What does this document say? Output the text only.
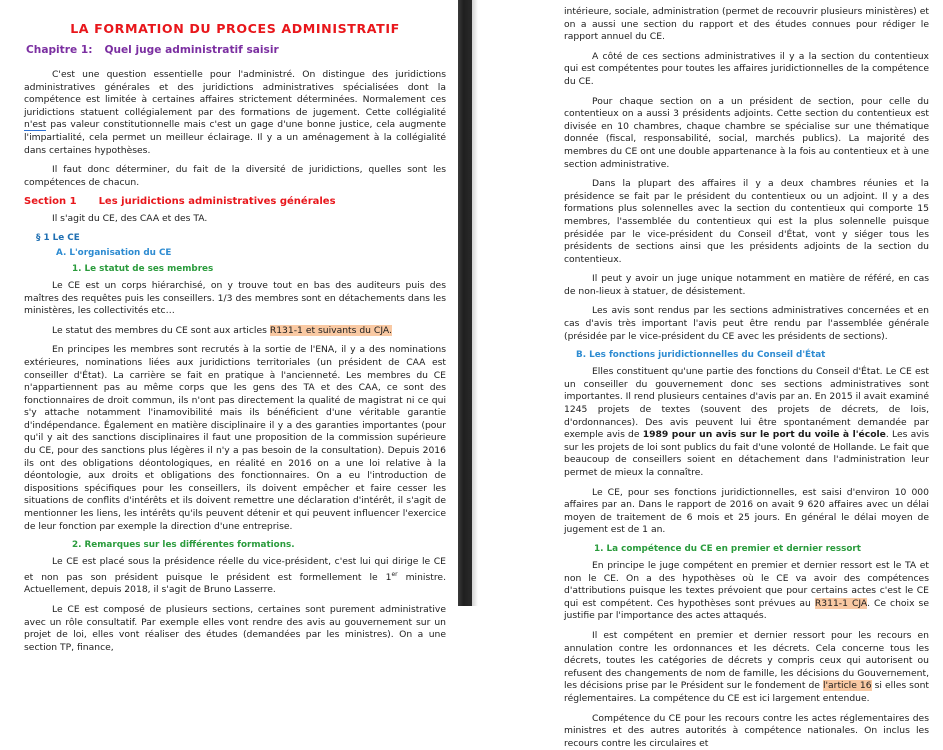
LA FORMATION DU PROCES ADMINISTRATIF
Chapitre 1: Quel juge administratif saisir

C'est une question essentielle pour l'administré. On distingue des juridictions administratives générales et des juridictions administratives spécialisées dont la compétence est limitée à certaines affaires strictement déterminées. Normalement ces juridictions statuent collégialement par des formations de jugement. Cette collégialité n'est pas valeur constitutionnelle mais c'est un gage d'une bonne justice, cela augmente l'impartialité, cela permet un meilleur éclairage. Il y a un aménagement à la collégialité dans certaines hypothèses.

Il faut donc déterminer, du fait de la diversité de juridictions, quelles sont les compétences de chacun.

Section 1 Les juridictions administratives générales

Il s'agit du CE, des CAA et des TA.

§ 1 Le CE
A. L'organisation du CE
1. Le statut de ses membres

Le CE est un corps hiérarchisé, on y trouve tout en bas des auditeurs puis des maîtres des requêtes puis les conseillers. 1/3 des membres sont en détachements dans les ministères, les collectivités etc…

Le statut des membres du CE sont aux articles R131-1 et suivants du CJA.

En principes les membres sont recrutés à la sortie de l'ENA, il y a des nominations extérieures, nominations liées aux juridictions territoriales (un président de CAA est conseiller d'État). La carrière se fait en pratique à l'ancienneté. Les membres du CE n'appartiennent pas au même corps que les gens des TA et des CAA, ce sont des fonctionnaires de droit commun, ils n'ont pas directement la qualité de magistrat ni ce qui s'y attache notamment l'inamovibilité mais ils bénéficient d'une véritable garantie d'indépendance. Également en matière disciplinaire il y a des garanties importantes (pour qu'il y ait des sanctions disciplinaires il faut une proposition de la commission supérieure du CE, pour des sanctions plus légères il n'y a pas besoin de la consultation). Depuis 2016 ils ont des obligations déontologiques, en réalité en 2016 on a une loi relative à la déontologie, aux droits et obligations des fonctionnaires. On a eu l'introduction de dispositions spécifiques pour les conseillers, ils doivent empêcher et faire cesser les situations de conflits d'intérêts et ils doivent remettre une déclaration d'intérêt, il s'agit de mentionner les liens, les intérêts qu'ils peuvent détenir et qui peuvent influencer l'exercice de leur fonction par exemple la direction d'une entreprise.

2. Remarques sur les différentes formations.

Le CE est placé sous la présidence réelle du vice-président, c'est lui qui dirige le CE et non pas son président puisque le président est formellement le 1er ministre. Actuellement, depuis 2018, il s'agit de Bruno Lasserre.

Le CE est composé de plusieurs sections, certaines sont purement administrative avec un rôle consultatif. Par exemple elles vont rendre des avis au gouvernement sur un projet de loi, elles vont réaliser des études (demandées par les ministres). On a une section TP, finance,

intérieure, sociale, administration (permet de recouvrir plusieurs ministères) et on a aussi une section du rapport et des études connues pour rédiger le rapport annuel du CE.

A côté de ces sections administratives il y a la section du contentieux qui est compétentes pour toutes les affaires juridictionnelles de la compétence du CE.

Pour chaque section on a un président de section, pour celle du contentieux on a aussi 3 présidents adjoints. Cette section du contentieux est divisée en 10 chambres, chaque chambre se spécialise sur une thématique donnée (fiscal, responsabilité, social, marchés publics). La majorité des membres du CE ont une double appartenance à la fois au contentieux et à une section administrative.

Dans la plupart des affaires il y a deux chambres réunies et la présidence se fait par le président du contentieux ou un adjoint. Il y a des formations plus solennelles avec la section du contentieux qui comporte 15 membres, l'assemblée du contentieux qui est la plus solennelle puisque présidée par le vice-président du Conseil d'État, vont y siéger tous les présidents de sections ainsi que les présidents adjoints de la section du contentieux.

Il peut y avoir un juge unique notamment en matière de référé, en cas de non-lieux à statuer, de désistement.

Les avis sont rendus par les sections administratives concernées et en cas d'avis très important l'avis peut être rendu par l'assemblée générale (présidée par le vice-président du CE avec les présidents de sections).

B. Les fonctions juridictionnelles du Conseil d'État

Elles constituent qu'une partie des fonctions du Conseil d'État. Le CE est un conseiller du gouvernement donc ses sections administratives sont importantes. Il rend plusieurs centaines d'avis par an. En 2015 il avait examiné 1245 projets de textes (souvent des projets de décrets, de lois, d'ordonnances). Des avis peuvent lui être spontanément demandée par exemple avis de 1989 pour un avis sur le port du voile à l'école. Les avis sur les projets de loi sont publics du fait d'une volonté de Hollande. Le fait que beaucoup de conseillers soient en détachement dans l'administration leur permet de mieux la connaître.

Le CE, pour ses fonctions juridictionnelles, est saisi d'environ 10 000 affaires par an. Dans le rapport de 2016 on avait 9 620 affaires avec un délai moyen de traitement de 6 mois et 25 jours. En général le délai moyen de jugement est de 1 an.

1. La compétence du CE en premier et dernier ressort

En principe le juge compétent en premier et dernier ressort est le TA et non le CE. On a des hypothèses où le CE va avoir des compétences d'attributions puisque les textes prévoient que pour certains actes c'est le CE qui est compétent. Ces hypothèses sont prévues au R311-1 CJA. Ce choix se justifie par l'importance des actes attaqués.

Il est compétent en premier et dernier ressort pour les recours en annulation contre les ordonnances et les décrets. Cela concerne tous les décrets, toutes les catégories de décrets y compris ceux qui autorisent ou refusent des changements de nom de famille, les décisions du Gouvernement, les décisions prise par le Président sur le fondement de l'article 16 si elles sont réglementaires. La compétence du CE est ici largement entendue.

Compétence du CE pour les recours contre les actes réglementaires des ministres et des autres autorités à compétence nationales. On inclus les recours contre les circulaires et
